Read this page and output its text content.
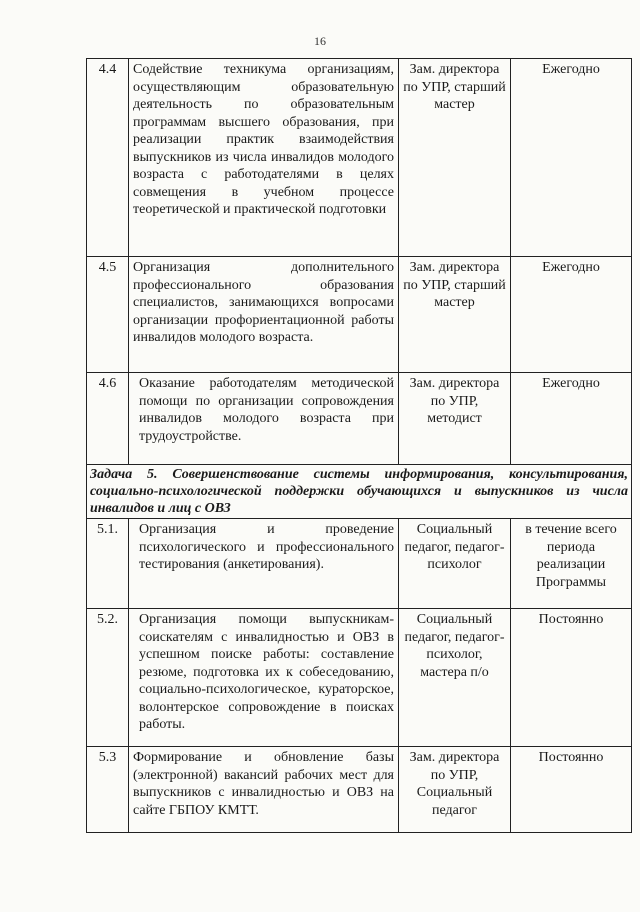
16
4.4	Содействие техникума организациям, осуществляющим образовательную деятельность по образовательным программам высшего образования, при реализации практик взаимодействия выпускников из числа инвалидов молодого возраста с работодателями в целях совмещения в учебном процессе теоретической и практической подготовки	Зам. директора по УПР, старший мастер	Ежегодно
4.5	Организация дополнительного профессионального образования специалистов, занимающихся вопросами организации профориентационной работы инвалидов молодого возраста.	Зам. директора по УПР, старший мастер	Ежегодно
4.6	Оказание работодателям методической помощи по организации сопровождения инвалидов молодого возраста при трудоустройстве.	Зам. директора по УПР, методист	Ежегодно
Задача 5. Совершенствование системы информирования, консультирования, социально-психологической поддержки обучающихся и выпускников из числа инвалидов и лиц с ОВЗ			
5.1.	Организация и проведение психологического и профессионального тестирования (анкетирования).	Социальный педагог, педагог-психолог	в течение всего периода реализации Программы
5.2.	Организация помощи выпускникам-соискателям с инвалидностью и ОВЗ в успешном поиске работы: составление резюме, подготовка их к собеседованию, социально-психологическое, кураторское, волонтерское сопровождение в поисках работы.	Социальный педагог, педагог-психолог, мастера п/о	Постоянно
5.3	Формирование и обновление базы (электронной) вакансий рабочих мест для выпускников с инвалидностью и ОВЗ на сайте ГБПОУ КМТТ.	Зам. директора по УПР, Социальный педагог	Постоянно
